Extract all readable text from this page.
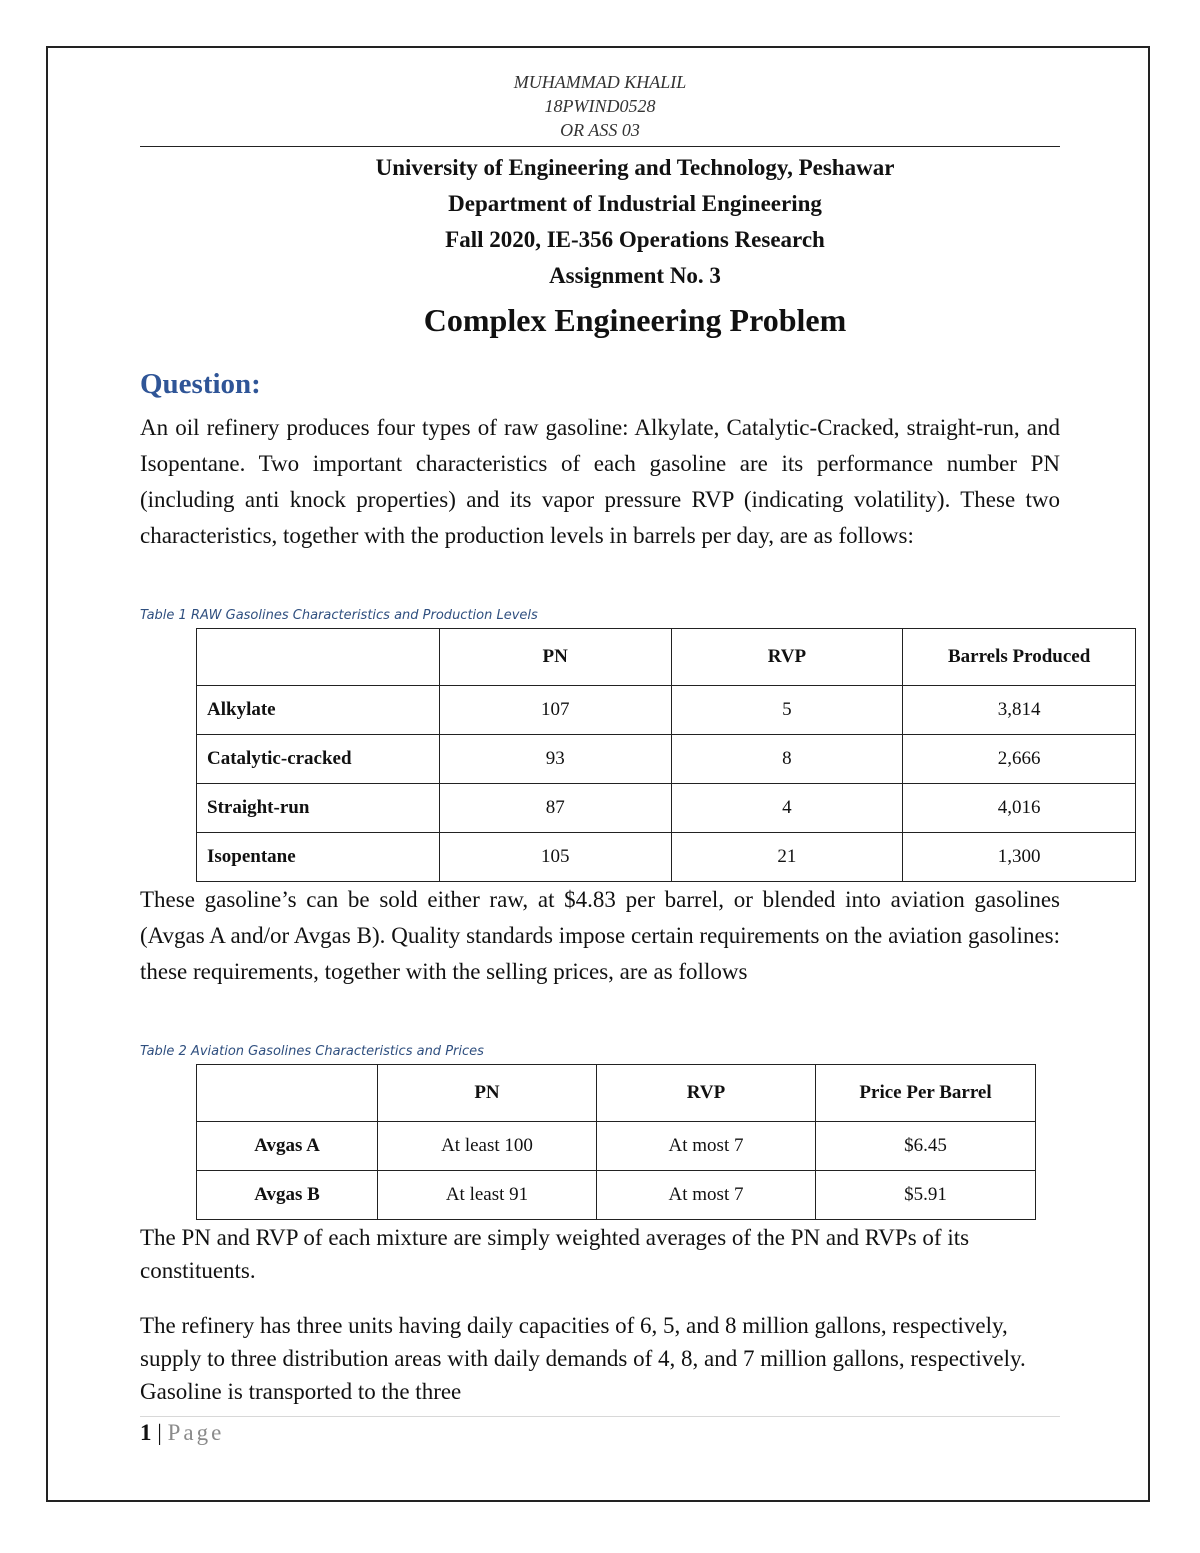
MUHAMMAD KHALIL
18PWIND0528
OR ASS 03
University of Engineering and Technology, Peshawar
Department of Industrial Engineering
Fall 2020, IE-356 Operations Research
Assignment No. 3
Complex Engineering Problem
Question:

An oil refinery produces four types of raw gasoline: Alkylate, Catalytic-Cracked, straight-run, and Isopentane. Two important characteristics of each gasoline are its performance number PN (including anti knock properties) and its vapor pressure RVP (indicating volatility). These two characteristics, together with the production levels in barrels per day, are as follows:

Table 1 RAW Gasolines Characteristics and Production Levels
	PN	RVP	Barrels Produced
Alkylate	107	5	3,814
Catalytic-cracked	93	8	2,666
Straight-run	87	4	4,016
Isopentane	105	21	1,300

These gasoline’s can be sold either raw, at $4.83 per barrel, or blended into aviation gasolines (Avgas A and/or Avgas B). Quality standards impose certain requirements on the aviation gasolines: these requirements, together with the selling prices, are as follows

Table 2 Aviation Gasolines Characteristics and Prices
	PN	RVP	Price Per Barrel
Avgas A	At least 100	At most 7	$6.45
Avgas B	At least 91	At most 7	$5.91

The PN and RVP of each mixture are simply weighted averages of the PN and RVPs of its constituents.

The refinery has three units having daily capacities of 6, 5, and 8 million gallons, respectively, supply to three distribution areas with daily demands of 4, 8, and 7 million gallons, respectively. Gasoline is transported to the three

1 | Page
